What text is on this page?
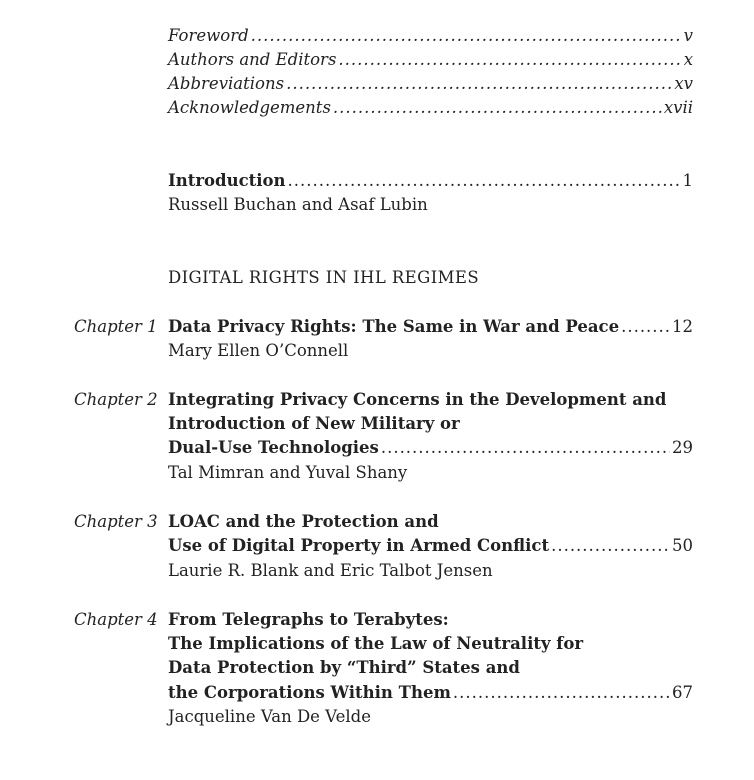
Foreword .....	v
Authors and Editors .....	x
Abbreviations .....	xv
Acknowledgements .....	xvii
Introduction .....	1
Russell Buchan and Asaf Lubin
DIGITAL RIGHTS IN IHL REGIMES
Chapter 1 Data Privacy Rights: The Same in War and Peace .....	12
Mary Ellen O’Connell
Chapter 2 Integrating Privacy Concerns in the Development and
Introduction of New Military or
Dual-Use Technologies .....	29
Tal Mimran and Yuval Shany
Chapter 3 LOAC and the Protection and
Use of Digital Property in Armed Conflict .....	50
Laurie R. Blank and Eric Talbot Jensen
Chapter 4 From Telegraphs to Terabytes:
The Implications of the Law of Neutrality for
Data Protection by “Third” States and
the Corporations Within Them .....	67
Jacqueline Van De Velde
